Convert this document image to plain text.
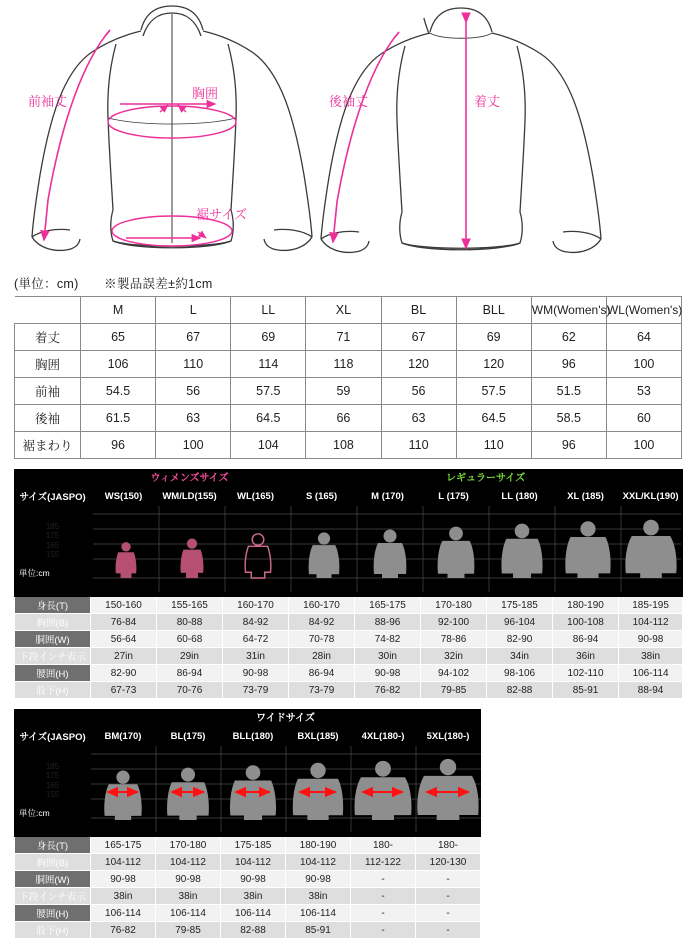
前袖丈
胸囲
裾サイズ
後袖丈	着丈
(単位：cm) ※製品誤差±約1cm
	M	L	LL	XL	BL	BLL	WM(Women's)	WL(Women's)
着丈	65	67	69	71	67	69	62	64
胸囲	106	110	114	118	120	120	96	100
前袖	54.5	56	57.5	59	56	57.5	51.5	53
後袖	61.5	63	64.5	66	63	64.5	58.5	60
裾まわり	96	100	104	108	110	110	96	100

	ウィメンズサイズ			レギュラーサイズ					

サイズ(JASPO)	WS(150)	WM/LD(155)	WL(165)	S (165)	M (170)	L (175)	LL (180)	XL (185)	XXL/KL(190)

185
175
165
155
単位:cm

身長(T)	150-160	155-165	160-170	160-170	165-175	170-180	175-185	180-190	185-195
胸囲(B)	76-84	80-88	84-92	84-92	88-96	92-100	96-104	100-108	104-112
胴囲(W)	56-64	60-68	64-72	70-78	74-82	78-86	82-90	86-94	90-98
下段インチ表示	27in	29in	31in	28in	30in	32in	34in	36in	38in
腰囲(H)	82-90	86-94	90-98	86-94	90-98	94-102	98-106	102-110	106-114
股下(H)	67-73	70-76	73-79	73-79	76-82	79-85	82-88	85-91	88-94

	ワイドサイズ					

サイズ(JASPO)	BM(170)	BL(175)	BLL(180)	BXL(185)	4XL(180-)	5XL(180-)

185
175
165
155
単位:cm

身長(T)	165-175	170-180	175-185	180-190	180-	180-
胸囲(B)	104-112	104-112	104-112	104-112	112-122	120-130
胴囲(W)	90-98	90-98	90-98	90-98	-	-
下段インチ表示	38in	38in	38in	38in	-	-
腰囲(H)	106-114	106-114	106-114	106-114	-	-
股下(H)	76-82	79-85	82-88	85-91	-	-
